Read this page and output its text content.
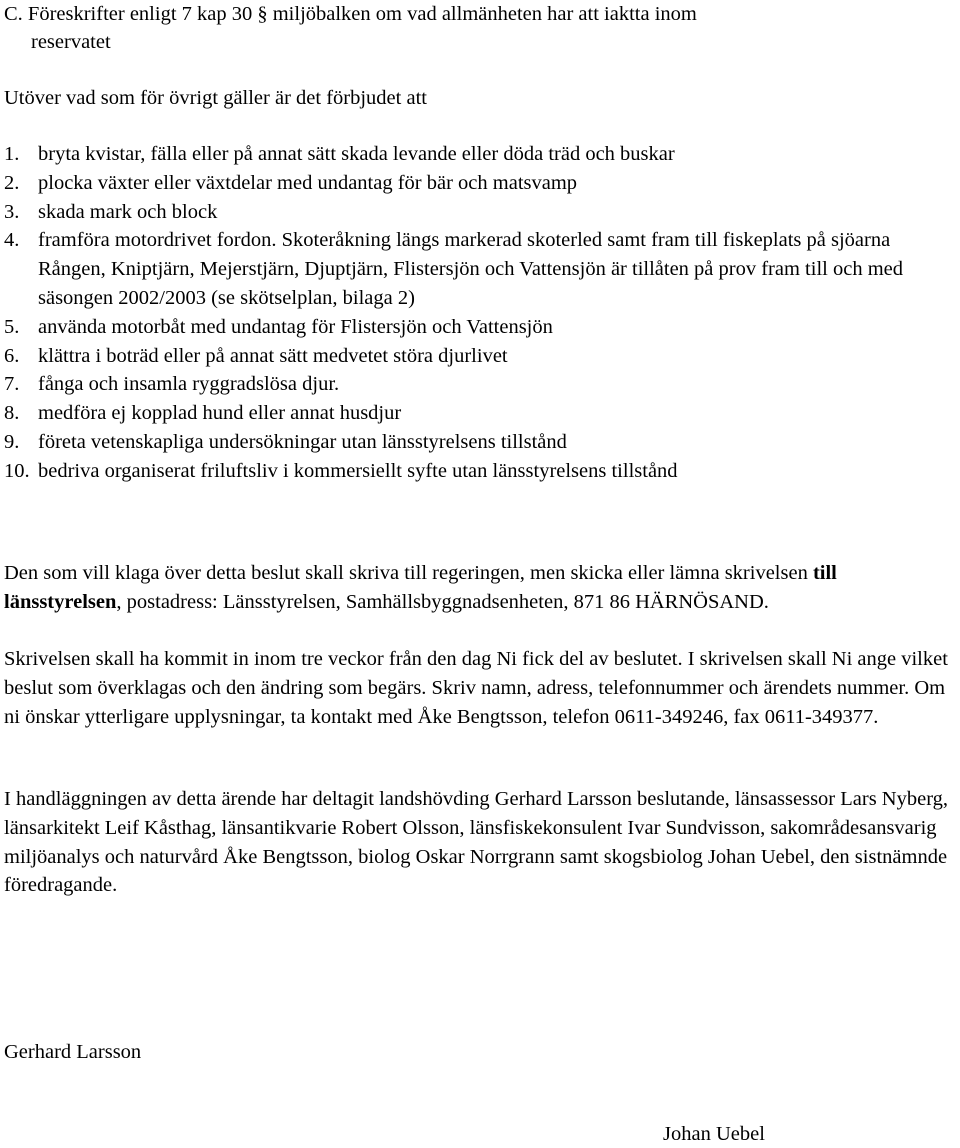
C. Föreskrifter enligt 7 kap 30 § miljöbalken om vad allmänheten har att iaktta inom
reservatet
Utöver vad som för övrigt gäller är det förbjudet att
1. bryta kvistar, fälla eller på annat sätt skada levande eller döda träd och buskar
2. plocka växter eller växtdelar med undantag för bär och matsvamp
3. skada mark och block
4. framföra motordrivet fordon. Skoteråkning längs markerad skoterled samt fram till fiskeplats på sjöarna Rången, Kniptjärn, Mejerstjärn, Djuptjärn, Flistersjön och Vattensjön är tillåten på prov fram till och med säsongen 2002/2003 (se skötselplan, bilaga 2)
5. använda motorbåt med undantag för Flistersjön och Vattensjön
6. klättra i boträd eller på annat sätt medvetet störa djurlivet
7. fånga och insamla ryggradslösa djur.
8. medföra ej kopplad hund eller annat husdjur
9. företa vetenskapliga undersökningar utan länsstyrelsens tillstånd
10. bedriva organiserat friluftsliv i kommersiellt syfte utan länsstyrelsens tillstånd
Den som vill klaga över detta beslut skall skriva till regeringen, men skicka eller lämna skrivelsen till länsstyrelsen, postadress: Länsstyrelsen, Samhällsbyggnadsenheten, 871 86 HÄRNÖSAND.
Skrivelsen skall ha kommit in inom tre veckor från den dag Ni fick del av beslutet. I skrivelsen skall Ni ange vilket beslut som överklagas och den ändring som begärs. Skriv namn, adress, telefonnummer och ärendets nummer. Om ni önskar ytterligare upplysningar, ta kontakt med Åke Bengtsson, telefon 0611-349246, fax 0611-349377.
I handläggningen av detta ärende har deltagit landshövding Gerhard Larsson beslutande, länsassessor Lars Nyberg, länsarkitekt Leif Kåsthag, länsantikvarie Robert Olsson, länsfiskekonsulent Ivar Sundvisson, sakområdesansvarig miljöanalys och naturvård Åke Bengtsson, biolog Oskar Norrgrann samt skogsbiolog Johan Uebel, den sistnämnde föredragande.
Gerhard Larsson
Johan Uebel
